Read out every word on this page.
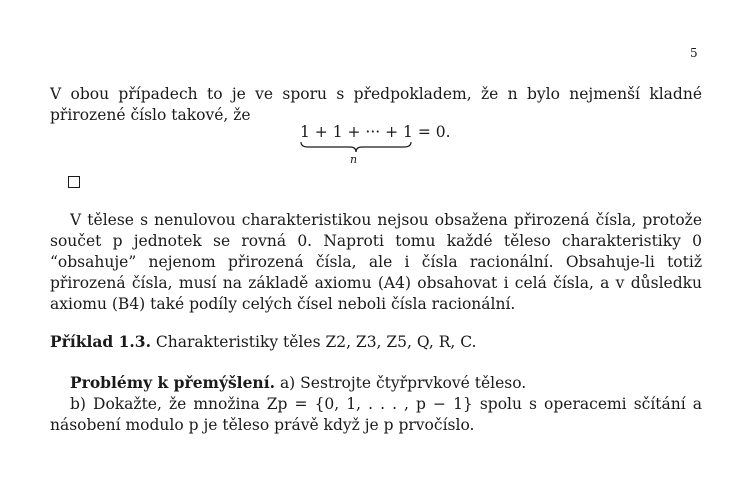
5

V obou případech to je ve sporu s předpokladem, že n bylo nejmenší kladné přirozené číslo takové, že

1 + 1 + ··· + 1
n
= 0.

V tělese s nenulovou charakteristikou nejsou obsažena přirozená čísla, protože součet p jednotek se rovná 0. Naproti tomu každé těleso charakteristiky 0 “obsahuje” nejenom přirozená čísla, ale i čísla racionální. Obsahuje-li totiž přirozená čísla, musí na základě axiomu (A4) obsahovat i celá čísla, a v důsledku axiomu (B4) také podíly celých čísel neboli čísla racionální.

Příklad 1.3. Charakteristiky těles Z2, Z3, Z5, Q, R, C.

Problémy k přemýšlení. a) Sestrojte čtyřprvkové těleso.
b) Dokažte, že množina Zp = {0, 1, . . . , p − 1} spolu s operacemi sčítání a násobení modulo p je těleso právě když je p prvočíslo.
